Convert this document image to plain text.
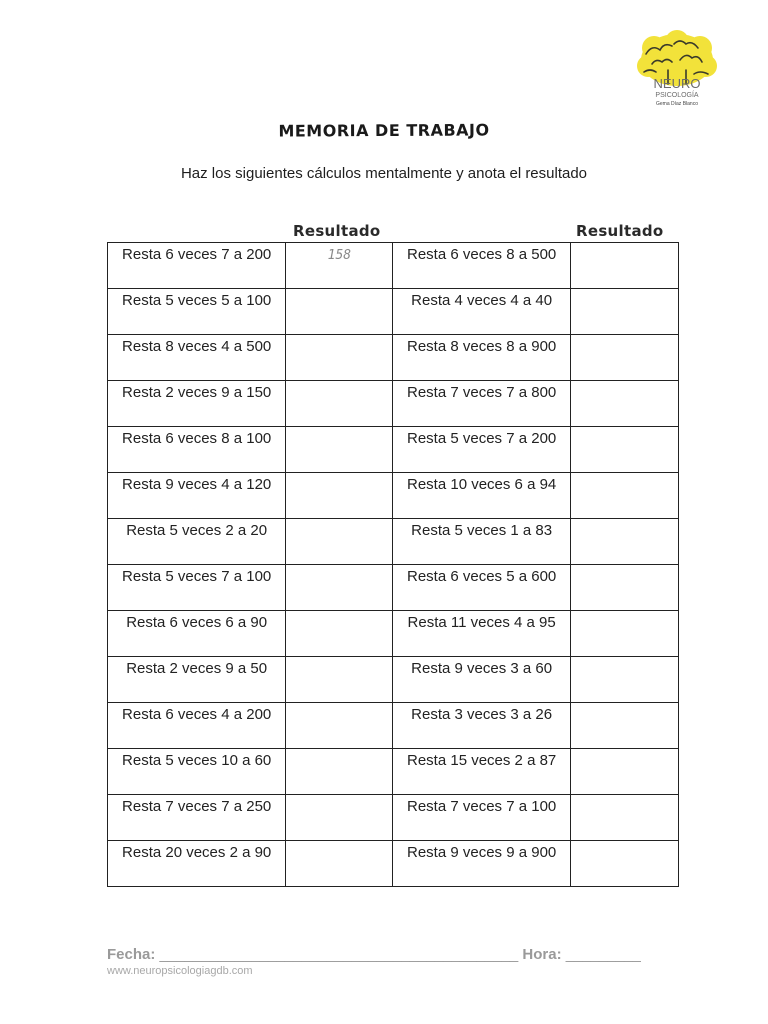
NEURO
PSICOLOGÍA
Gema Díaz Blanco
MEMORIA DE TRABAJO
Haz los siguientes cálculos mentalmente y anota el resultado
Resultado	Resultado
Resta 6 veces 7 a 200	158	Resta 6 veces 8 a 500	
Resta 5 veces 5 a 100		Resta 4 veces 4 a 40	
Resta 8 veces 4 a 500		Resta 8 veces 8 a 900	
Resta 2 veces 9 a 150		Resta 7 veces 7 a 800	
Resta 6 veces 8 a 100		Resta 5 veces 7 a 200	
Resta 9 veces 4 a 120		Resta 10 veces 6 a 94	
Resta 5 veces 2 a 20		Resta 5 veces 1 a 83	
Resta 5 veces 7 a 100		Resta 6 veces 5 a 600	
Resta 6 veces 6 a 90		Resta 11 veces 4 a 95	
Resta 2 veces 9 a 50		Resta 9 veces 3 a 60	
Resta 6 veces 4 a 200		Resta 3 veces 3 a 26	
Resta 5 veces 10 a 60		Resta 15 veces 2 a 87	
Resta 7 veces 7 a 250		Resta 7 veces 7 a 100	
Resta 20 veces 2 a 90		Resta 9 veces 9 a 900	
Fecha: ___________________________________________ Hora: _________
www.neuropsicologiagdb.com
